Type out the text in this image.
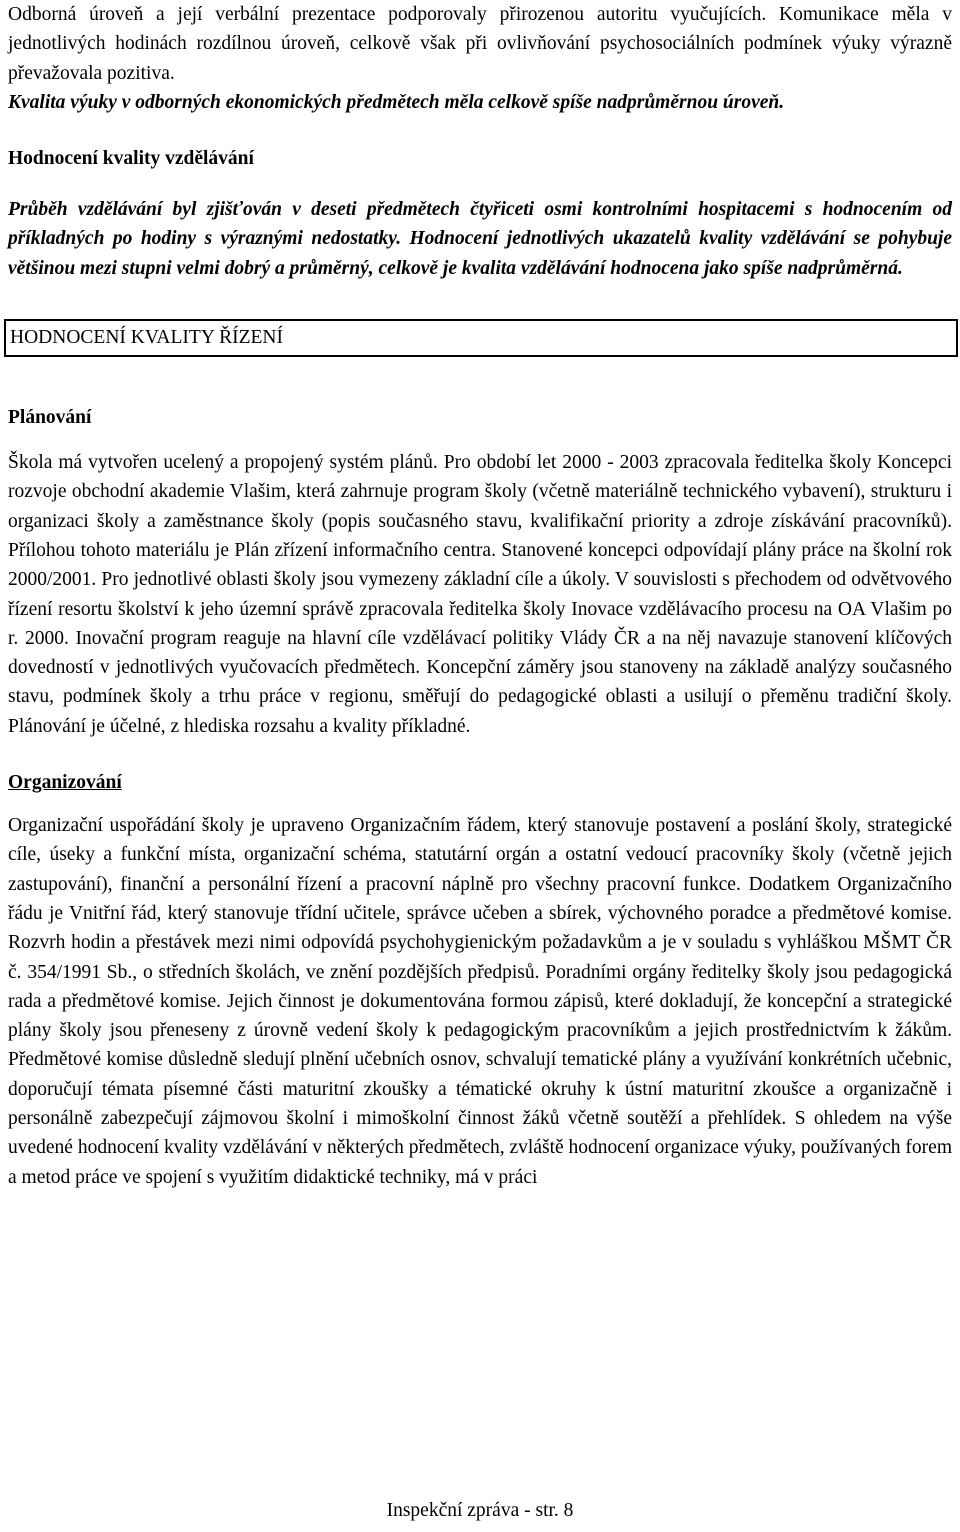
Odborná úroveň a její verbální prezentace podporovaly přirozenou autoritu vyučujících. Komunikace měla v jednotlivých hodinách rozdílnou úroveň, celkově však při ovlivňování psychosociálních podmínek výuky výrazně převažovala pozitiva.

Kvalita výuky v odborných ekonomických předmětech měla celkově spíše nadprůměrnou úroveň.

Hodnocení kvality vzdělávání

Průběh vzdělávání byl zjišťován v deseti předmětech čtyřiceti osmi kontrolními hospitacemi s hodnocením od příkladných po hodiny s výraznými nedostatky. Hodnocení jednotlivých ukazatelů kvality vzdělávání se pohybuje většinou mezi stupni velmi dobrý a průměrný, celkově je kvalita vzdělávání hodnocena jako spíše nadprůměrná.

HODNOCENÍ KVALITY ŘÍZENÍ
Plánování

Škola má vytvořen ucelený a propojený systém plánů. Pro období let 2000 - 2003 zpracovala ředitelka školy Koncepci rozvoje obchodní akademie Vlašim, která zahrnuje program školy (včetně materiálně technického vybavení), strukturu i organizaci školy a zaměstnance školy (popis současného stavu, kvalifikační priority a zdroje získávání pracovníků). Přílohou tohoto materiálu je Plán zřízení informačního centra. Stanovené koncepci odpovídají plány práce na školní rok 2000/2001. Pro jednotlivé oblasti školy jsou vymezeny základní cíle a úkoly. V souvislosti s přechodem od odvětvového řízení resortu školství k jeho územní správě zpracovala ředitelka školy Inovace vzdělávacího procesu na OA Vlašim po r. 2000. Inovační program reaguje na hlavní cíle vzdělávací politiky Vlády ČR a na něj navazuje stanovení klíčových dovedností v jednotlivých vyučovacích předmětech. Koncepční záměry jsou stanoveny na základě analýzy současného stavu, podmínek školy a trhu práce v regionu, směřují do pedagogické oblasti a usilují o přeměnu tradiční školy. Plánování je účelné, z hlediska rozsahu a kvality příkladné.

Organizování

Organizační uspořádání školy je upraveno Organizačním řádem, který stanovuje postavení a poslání školy, strategické cíle, úseky a funkční místa, organizační schéma, statutární orgán a ostatní vedoucí pracovníky školy (včetně jejich zastupování), finanční a personální řízení a pracovní náplně pro všechny pracovní funkce. Dodatkem Organizačního řádu je Vnitřní řád, který stanovuje třídní učitele, správce učeben a sbírek, výchovného poradce a předmětové komise. Rozvrh hodin a přestávek mezi nimi odpovídá psychohygienickým požadavkům a je v souladu s vyhláškou MŠMT ČR č. 354/1991 Sb., o středních školách, ve znění pozdějších předpisů. Poradními orgány ředitelky školy jsou pedagogická rada a předmětové komise. Jejich činnost je dokumentována formou zápisů, které dokladují, že koncepční a strategické plány školy jsou přeneseny z úrovně vedení školy k pedagogickým pracovníkům a jejich prostřednictvím k žákům. Předmětové komise důsledně sledují plnění učebních osnov, schvalují tematické plány a využívání konkrétních učebnic, doporučují témata písemné části maturitní zkoušky a tématické okruhy k ústní maturitní zkoušce a organizačně i personálně zabezpečují zájmovou školní i mimoškolní činnost žáků včetně soutěží a přehlídek. S ohledem na výše uvedené hodnocení kvality vzdělávání v některých předmětech, zvláště hodnocení organizace výuky, používaných forem a metod práce ve spojení s využitím didaktické techniky, má v práci

Inspekční zpráva - str. 8
